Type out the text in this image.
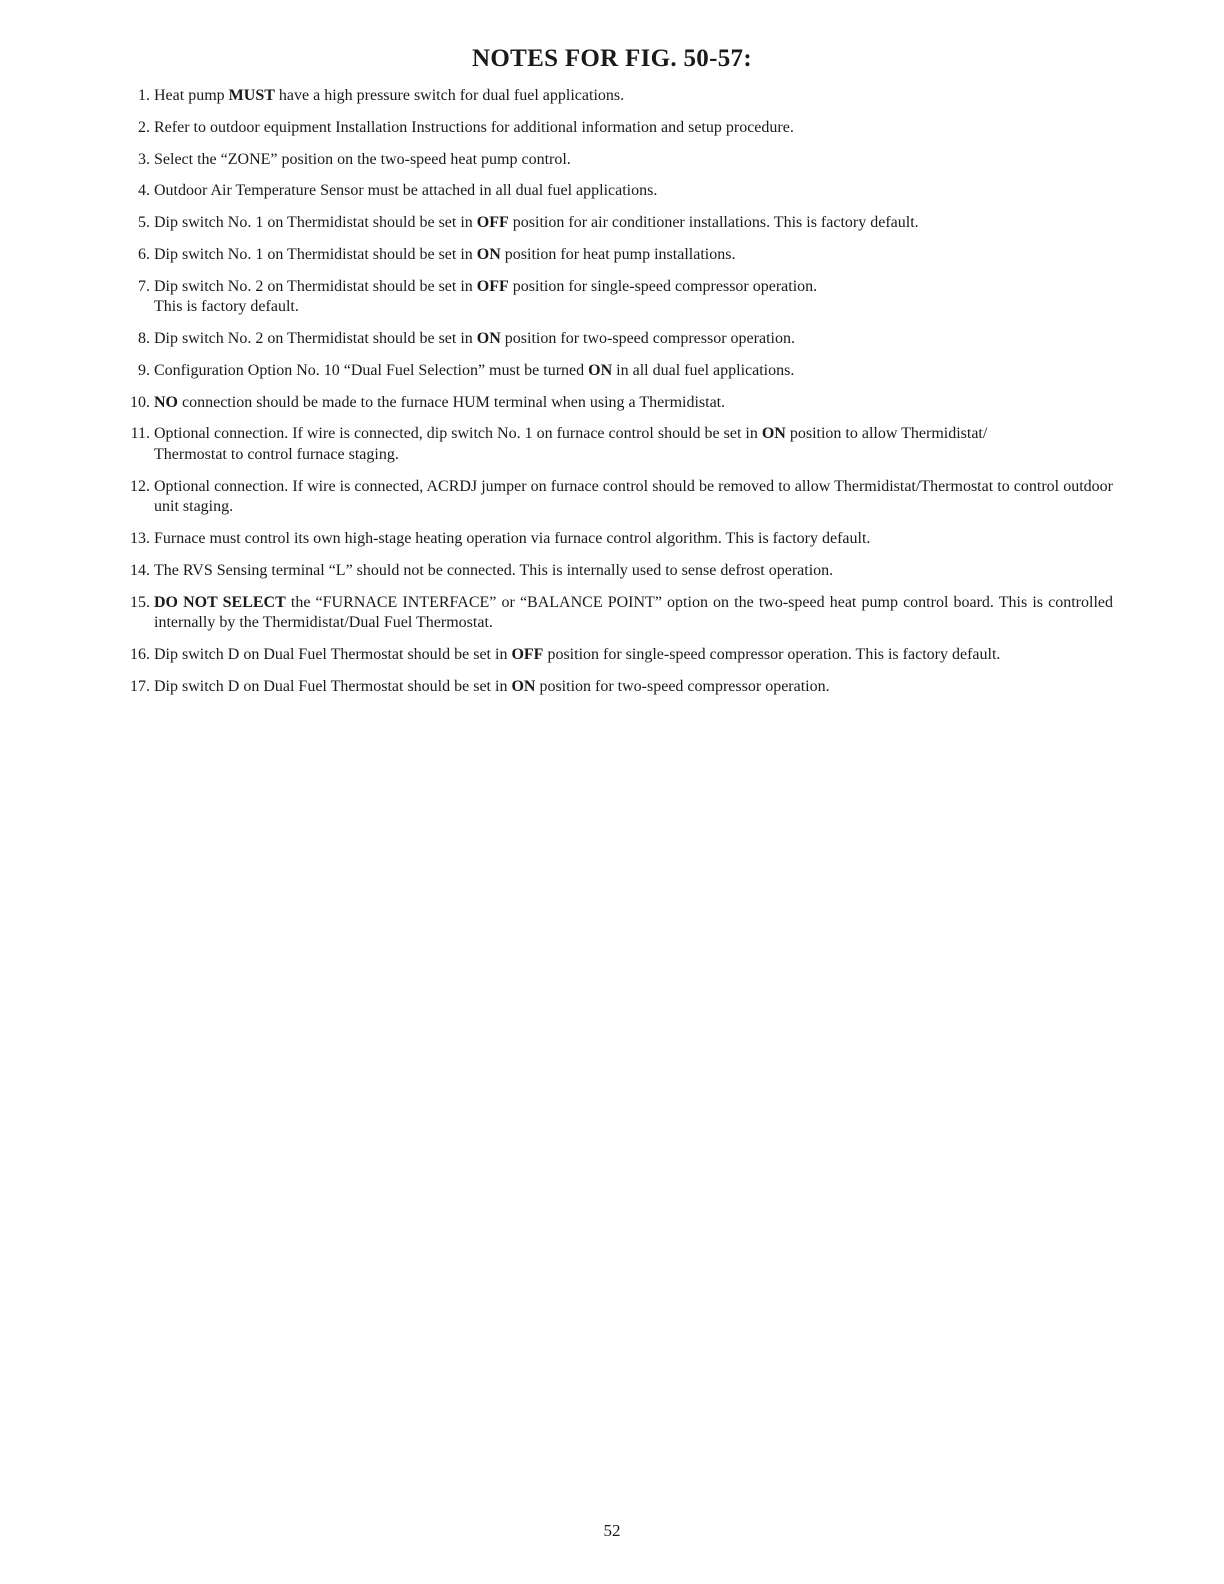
NOTES FOR FIG. 50-57:
1. Heat pump MUST have a high pressure switch for dual fuel applications.
2. Refer to outdoor equipment Installation Instructions for additional information and setup procedure.
3. Select the “ZONE” position on the two-speed heat pump control.
4. Outdoor Air Temperature Sensor must be attached in all dual fuel applications.
5. Dip switch No. 1 on Thermidistat should be set in OFF position for air conditioner installations. This is factory default.
6. Dip switch No. 1 on Thermidistat should be set in ON position for heat pump installations.
7. Dip switch No. 2 on Thermidistat should be set in OFF position for single-speed compressor operation.
This is factory default.
8. Dip switch No. 2 on Thermidistat should be set in ON position for two-speed compressor operation.
9. Configuration Option No. 10 “Dual Fuel Selection” must be turned ON in all dual fuel applications.
10. NO connection should be made to the furnace HUM terminal when using a Thermidistat.
11. Optional connection. If wire is connected, dip switch No. 1 on furnace control should be set in ON position to allow Thermidistat/
Thermostat to control furnace staging.
12. Optional connection. If wire is connected, ACRDJ jumper on furnace control should be removed to allow Thermidistat/Thermostat to control outdoor unit staging.
13. Furnace must control its own high-stage heating operation via furnace control algorithm. This is factory default.
14. The RVS Sensing terminal “L” should not be connected. This is internally used to sense defrost operation.
15. DO NOT SELECT the “FURNACE INTERFACE” or “BALANCE POINT” option on the two-speed heat pump control board. This is controlled internally by the Thermidistat/Dual Fuel Thermostat.
16. Dip switch D on Dual Fuel Thermostat should be set in OFF position for single-speed compressor operation. This is factory default.
17. Dip switch D on Dual Fuel Thermostat should be set in ON position for two-speed compressor operation.
52
